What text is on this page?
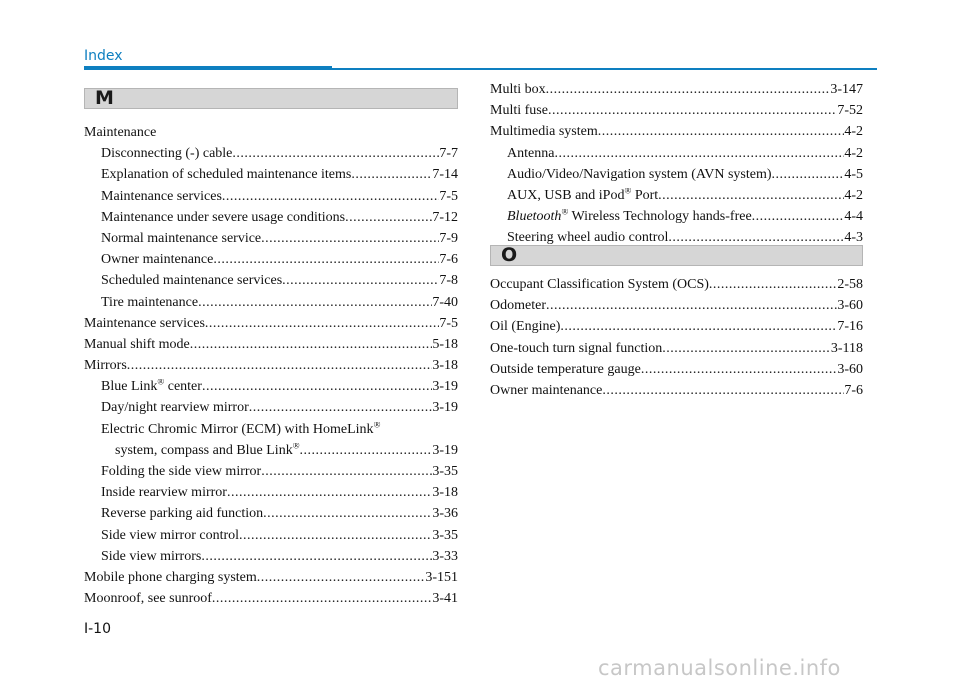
Index
M
O
Maintenance
Disconnecting (-) cable .....	7-7
Explanation of scheduled maintenance items .....	7-14
Maintenance services .....	7-5
Maintenance under severe usage conditions .....	7-12
Normal maintenance service .....	7-9
Owner maintenance .....	7-6
Scheduled maintenance services .....	7-8
Tire maintenance .....	7-40
Maintenance services .....	7-5
Manual shift mode .....	5-18
Mirrors .....	3-18
Blue Link® center .....	3-19
Day/night rearview mirror .....	3-19
Electric Chromic Mirror (ECM) with HomeLink®
system, compass and Blue Link® .....	3-19
Folding the side view mirror .....	3-35
Inside rearview mirror .....	3-18
Reverse parking aid function .....	3-36
Side view mirror control .....	3-35
Side view mirrors .....	3-33
Mobile phone charging system .....	3-151
Moonroof, see sunroof .....	3-41
Multi box .....	3-147
Multi fuse .....	7-52
Multimedia system .....	4-2
Antenna .....	4-2
Audio/Video/Navigation system (AVN system) .....	4-5
AUX, USB and iPod® Port .....	4-2
Bluetooth® Wireless Technology hands-free .....	4-4
Steering wheel audio control .....	4-3
Occupant Classification System (OCS) .....	2-58
Odometer .....	3-60
Oil (Engine) .....	7-16
One-touch turn signal function .....	3-118
Outside temperature gauge .....	3-60
Owner maintenance .....	7-6
I-10
carmanualsonline.info
